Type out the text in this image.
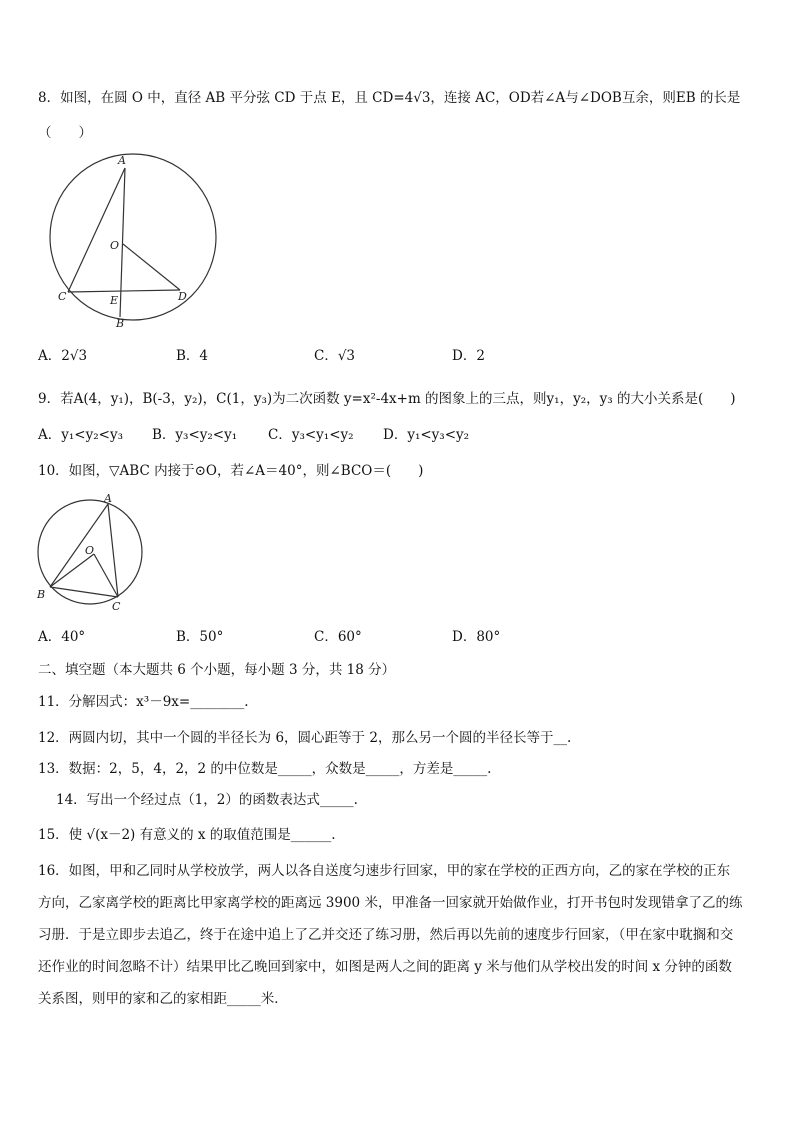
8．如图，在圆 O 中，直径 AB 平分弦 CD 于点 E，且 CD=4√3，连接 AC，OD若∠A与∠DOB互余，则EB 的长是
（　　）
A
O
C	E	D
B
A．2√3	B．4	C．√3	D．2
9．若A(4，y₁)，B(-3，y₂)，C(1，y₃)为二次函数 y=x²-4x+m 的图象上的三点，则y₁，y₂，y₃ 的大小关系是(　　)
A．y₁<y₂<y₃ B．y₃<y₂<y₁ C．y₃<y₁<y₂ D．y₁<y₃<y₂
10．如图，▽ABC 内接于⊙O，若∠A＝40°，则∠BCO＝(　　)
A
O
B
C
A．40°	B．50°	C．60°	D．80°
二、填空题（本大题共 6 个小题，每小题 3 分，共 18 分）
11．分解因式：x³－9x=________.
12．两圆内切，其中一个圆的半径长为 6，圆心距等于 2，那么另一个圆的半径长等于__.
13．数据：2，5，4，2，2 的中位数是_____，众数是_____，方差是_____.
14．写出一个经过点（1，2）的函数表达式_____.
15．使 √(x－2) 有意义的 x 的取值范围是______.
16．如图，甲和乙同时从学校放学，两人以各自送度匀速步行回家，甲的家在学校的正西方向，乙的家在学校的正东
方向，乙家离学校的距离比甲家离学校的距离远 3900 米，甲准备一回家就开始做作业，打开书包时发现错拿了乙的练
习册．于是立即步去追乙，终于在途中追上了乙并交还了练习册，然后再以先前的速度步行回家，（甲在家中耽搁和交
还作业的时间忽略不计）结果甲比乙晚回到家中，如图是两人之间的距离 y 米与他们从学校出发的时间 x 分钟的函数
关系图，则甲的家和乙的家相距_____米．
